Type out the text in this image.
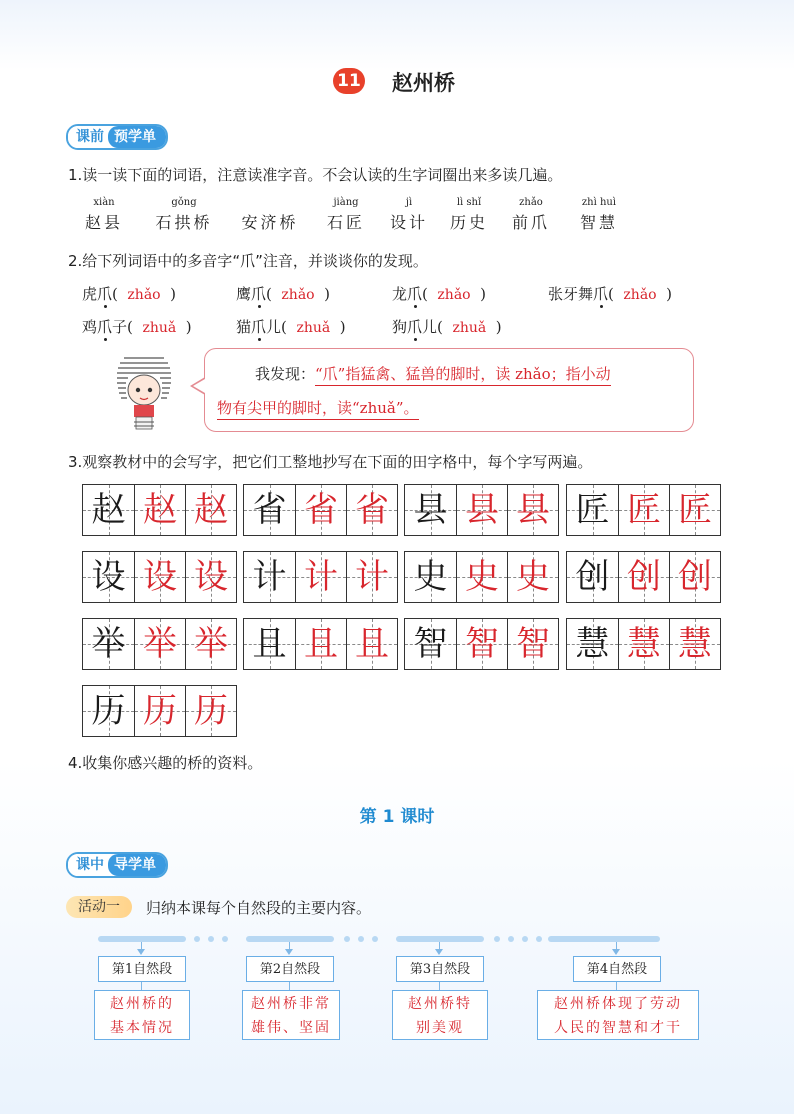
11 赵州桥
课前 预学单
1.读一读下面的词语，注意读准字音。不会认读的生字词圈出来多读几遍。
xiàn
赵县
gǒng
石拱桥	安济桥
jiàng
石匠
jì
设计
lì shǐ
历史
zhǎo
前爪
zhì huì
智慧
2.给下列词语中的多音字“爪”注音，并谈谈你的发现。
虎爪(  zhǎo  )	鹰爪(  zhǎo  )	龙爪(  zhǎo  )	张牙舞爪(  zhǎo  )
鸡爪子(  zhuǎ  )	猫爪儿(  zhuǎ  )	狗爪儿(  zhuǎ  )
我发现：“爪”指猛禽、猛兽的脚时，读 zhǎo；指小动
物有尖甲的脚时，读“zhuǎ”。
3.观察教材中的会写字，把它们工整地抄写在下面的田字格中，每个字写两遍。
赵 赵 赵 省 省 省 县 县 县 匠 匠 匠
设 设 设 计 计 计 史 史 史 创 创 创
举 举 举 且 且 且 智 智 智 慧 慧 慧
历 历 历
4.收集你感兴趣的桥的资料。
第 1 课时
课中 导学单
活动一	归纳本课每个自然段的主要内容。
第1自然段	第2自然段	第3自然段	第4自然段
赵州桥的
基本情况
赵州桥非常
雄伟、坚固
赵州桥特
别美观
赵州桥体现了劳动
人民的智慧和才干
